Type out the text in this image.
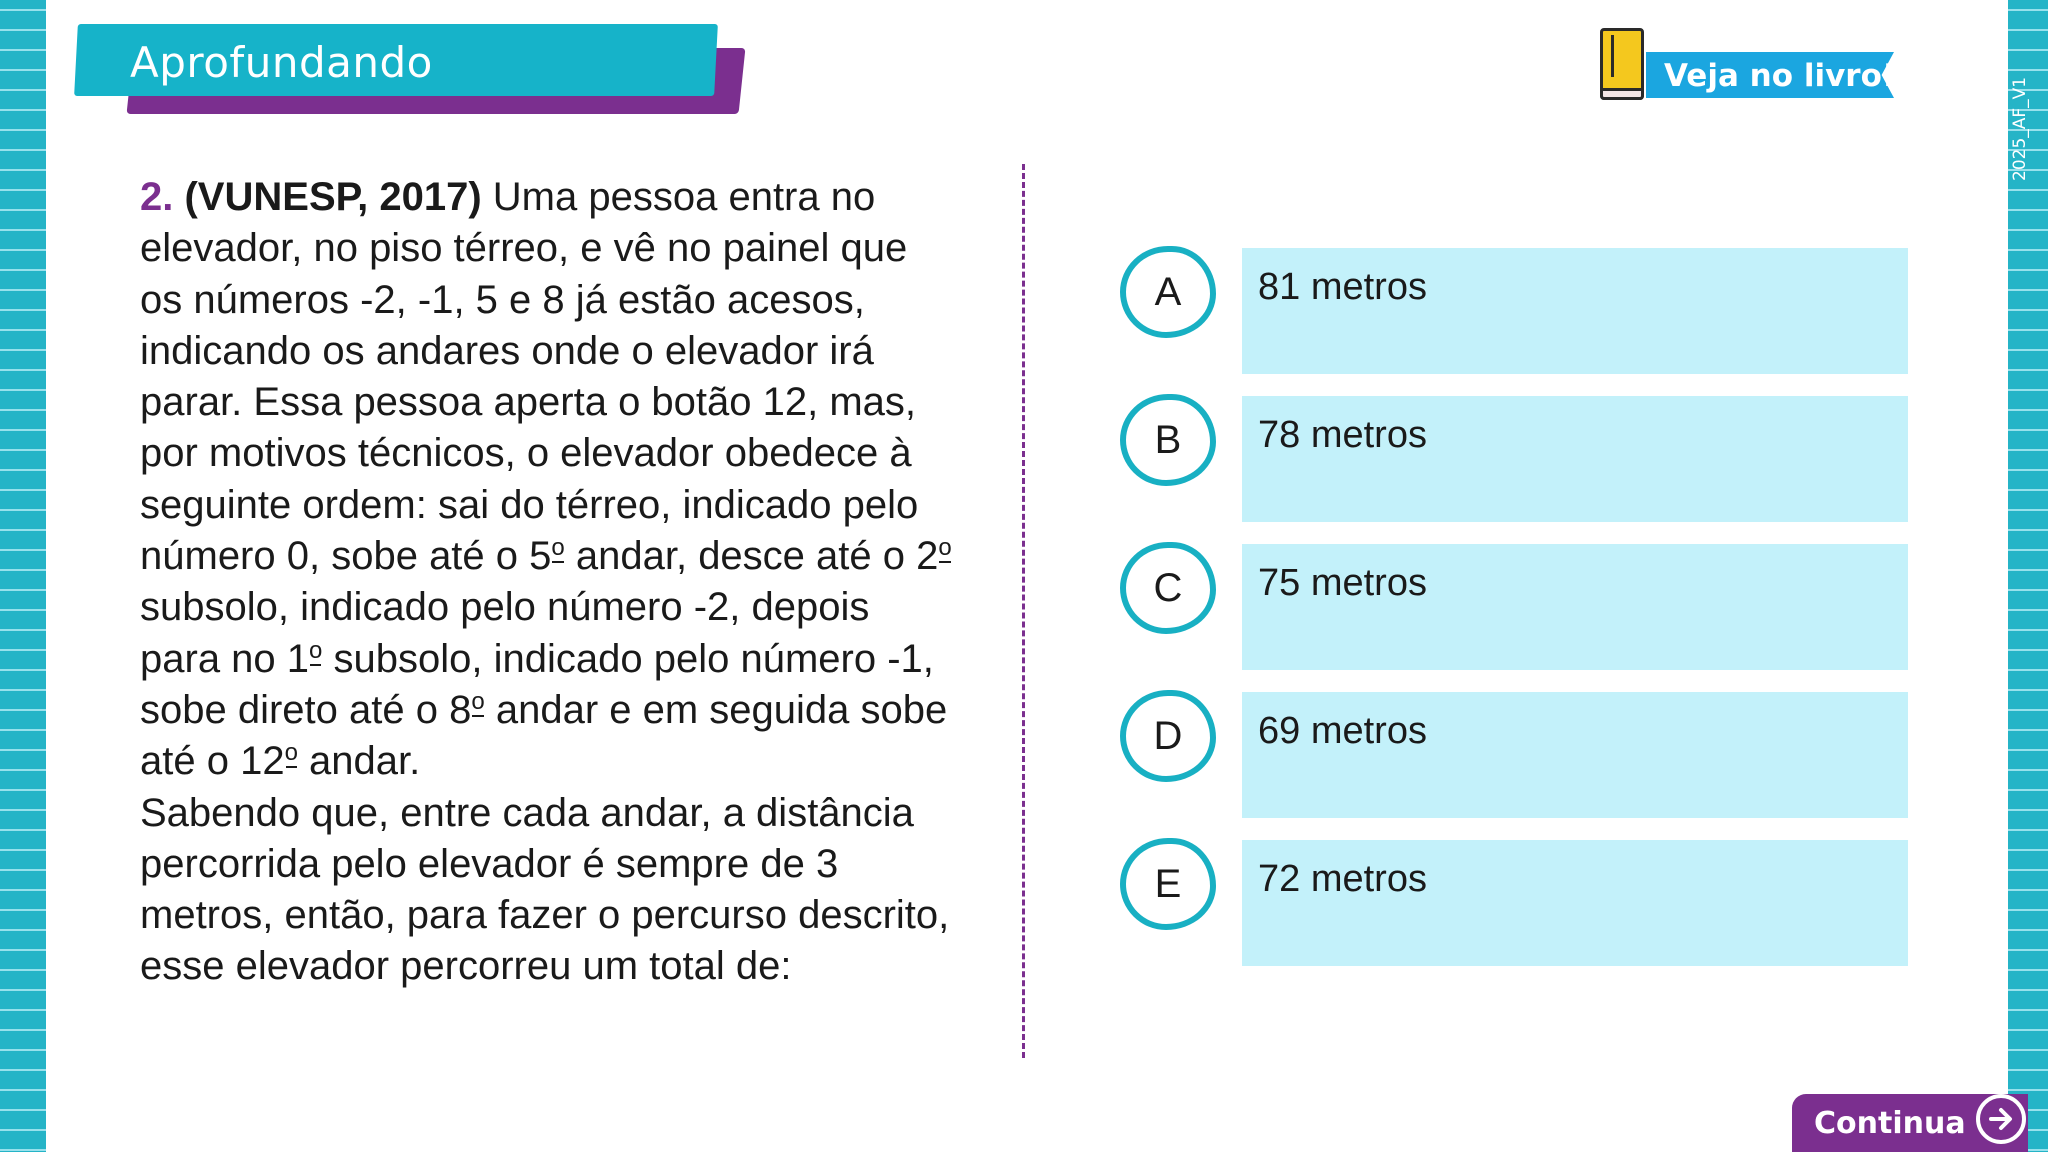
Aprofundando	Veja no livro!
2025_AF_V1
2. (VUNESP, 2017) Uma pessoa entra no elevador, no piso térreo, e vê no painel que os números -2, -1, 5 e 8 já estão acesos, indicando os andares onde o elevador irá parar. Essa pessoa aperta o botão 12, mas, por motivos técnicos, o elevador obedece à seguinte ordem: sai do térreo, indicado pelo número 0, sobe até o 5o andar, desce até o 2o subsolo, indicado pelo número -2, depois para no 1o subsolo, indicado pelo número -1, sobe direto até o 8o andar e em seguida sobe até o 12o andar.
Sabendo que, entre cada andar, a distância percorrida pelo elevador é sempre de 3 metros, então, para fazer o percurso descrito, esse elevador percorreu um total de:
A	81 metros
B	78 metros
C	75 metros
D	69 metros
E	72 metros
Continua
